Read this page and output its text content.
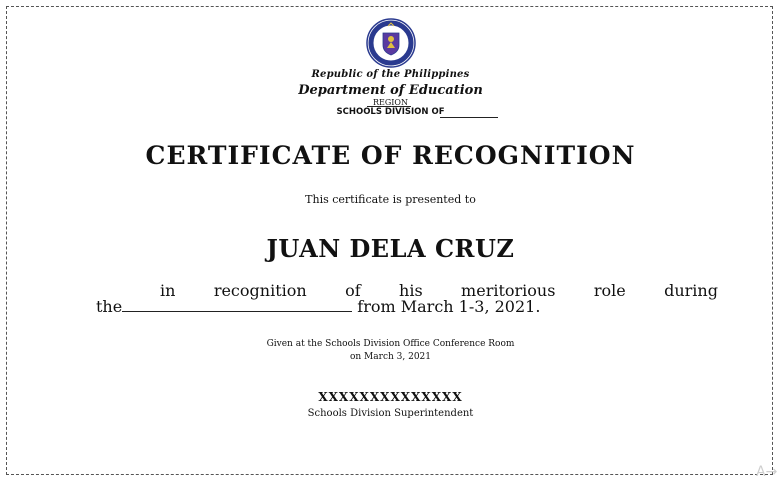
Republic of the Philippines
Department of Education
REGION
SCHOOLS DIVISION OF
CERTIFICATE OF RECOGNITION
This certificate is presented to
JUAN DELA CRUZ
in recognition of his meritorious role during
the	from March 1-3, 2021.
Given at the Schools Division Office Conference Room
on March 3, 2021
XXXXXXXXXXXXXX
Schools Division Superintendent
A→
